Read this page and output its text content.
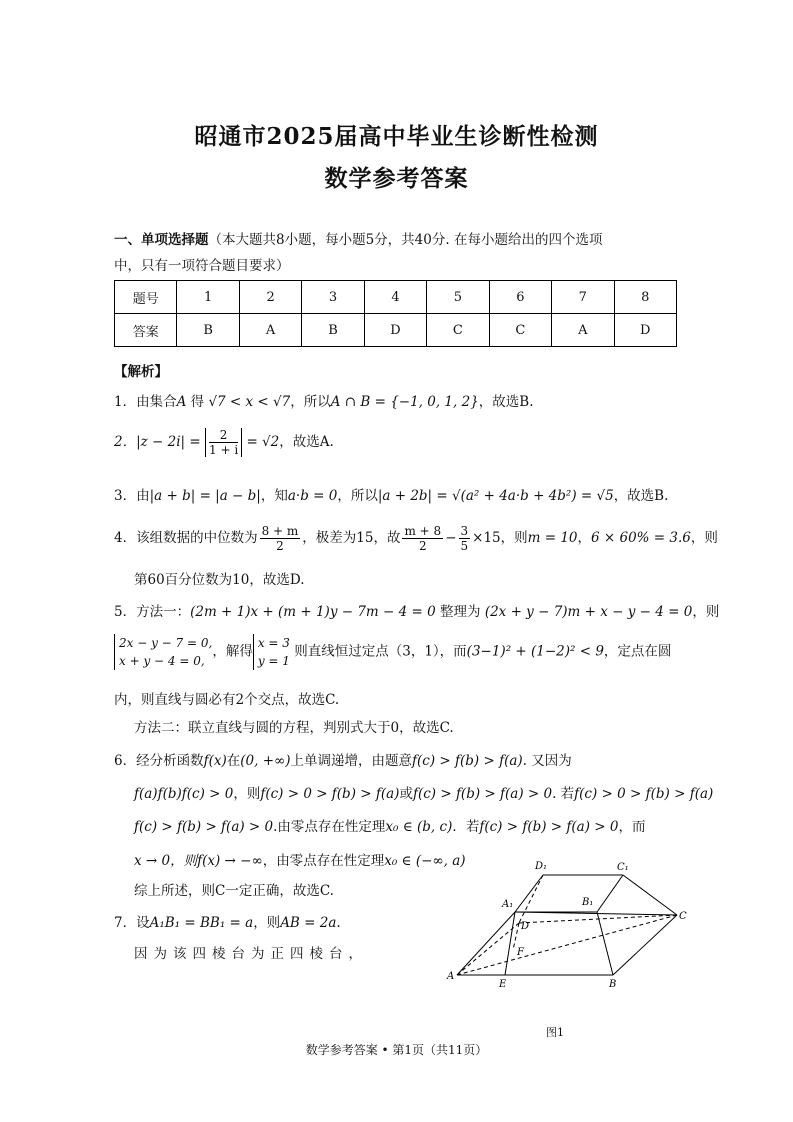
昭通市2025届高中毕业生诊断性检测
数学参考答案
一、单项选择题（本大题共8小题，每小题5分，共40分. 在每小题给出的四个选项
中，只有一项符合题目要求）
题号	1	2	3	4	5	6	7	8
答案	B	A	B	D	C	C	A	D
【解析】
1．由集合A 得 √7 < x < √7，所以A ∩ B = {−1, 0, 1, 2}，故选B.
2．$|z - 2i| = \frac{2}{1 + i} = √2$，故选A.
3．由|a + b| = |a − b|，知a·b = 0，所以|a + 2b| = √(a² + 4a·b + 4b²) = √5，故选B.
4．该组数据的中位数为 $\frac{8 + m}{2}$ ，极差为15，故 $\frac{m + 8}{2} - \frac{3}{5} \times 15$，则m = 10，6 × 60% = 3.6，则
第60百分位数为10，故选D.
5．方法一：(2m + 1)x + (m + 1)y − 7m − 4 = 0 整理为 (2x + y − 7)m + x − y − 4 = 0，则
2x − y − 7 = 0,
x + y − 4 = 0,
，解得
x = 3
y = 1
则直线恒过定点（3，1），而(3−1)² + (1−2)² < 9，定点在圆
内，则直线与圆必有2个交点，故选C.
方法二：联立直线与圆的方程，判别式大于0，故选C.
6．经分析函数f(x)在(0, +∞)上单调递增，由题意f(c) > f(b) > f(a). 又因为
f(a)f(b)f(c) > 0，则f(c) > 0 > f(b) > f(a)或f(c) > f(b) > f(a) > 0. 若f(c) > 0 > f(b) > f(a)
f(c) > f(b) > f(a) > 0.由零点存在性定理x₀ ∈ (b, c)．若f(c) > f(b) > f(a) > 0，而
x → 0，则f(x) → −∞，由零点存在性定理x₀ ∈ (−∞, a)
综上所述，则C一定正确，故选C.
7．设A₁B₁ = BB₁ = a，则AB = 2a.
因为该四棱台为正四棱台，
D₁	C₁
A₁	B₁
D
C
F
A
E	B
图1
数学参考答案 • 第1页（共11页）
